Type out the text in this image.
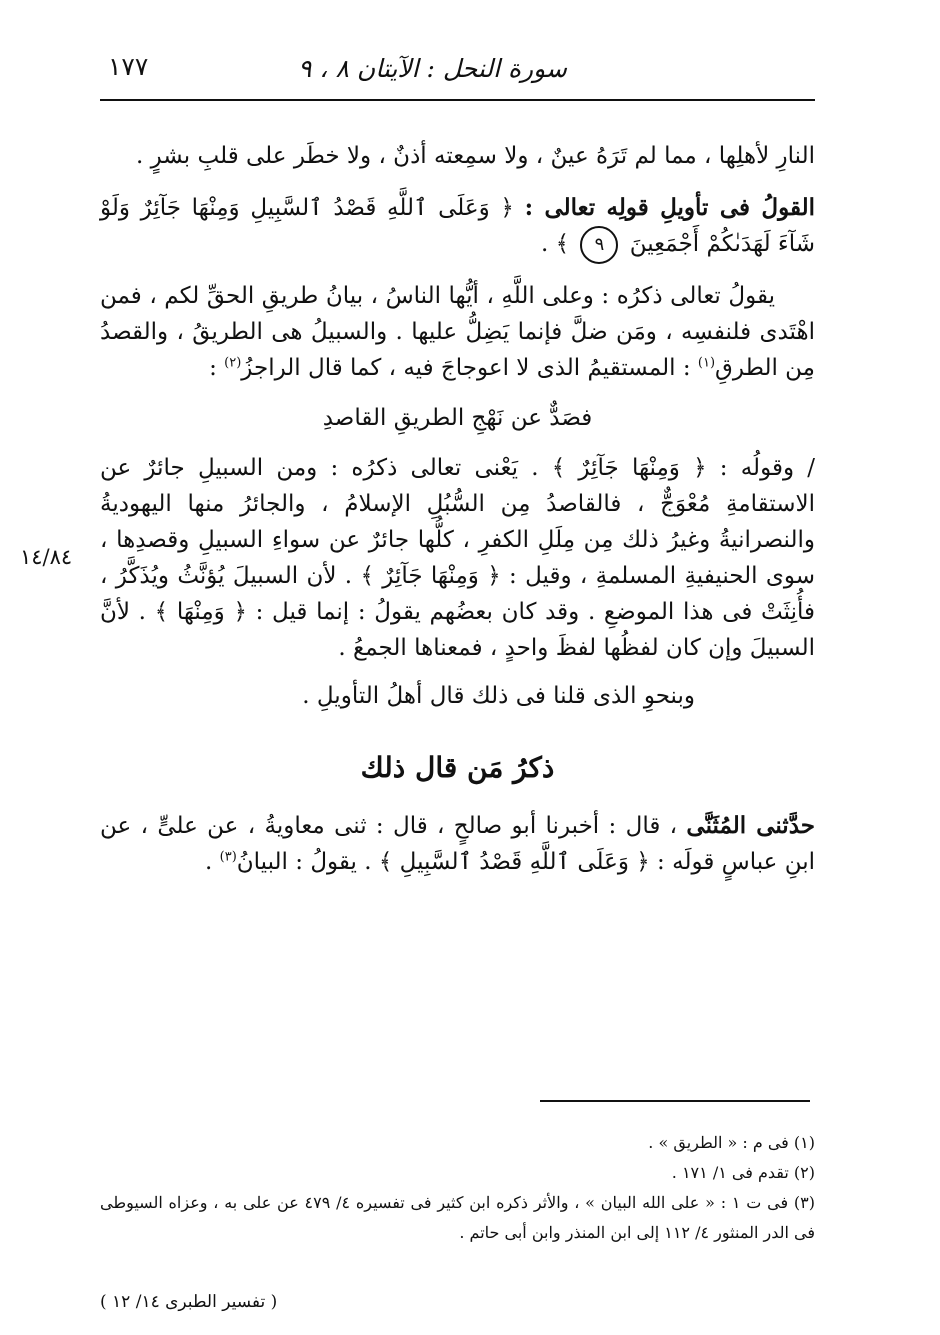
سورة النحل : الآيتان ٨ ، ٩
١٧٧

النارِ لأهلِها ، مما لم تَرَهُ عينٌ ، ولا سمِعته أذنٌ ، ولا خطَر على قلبِ بشرٍ .

القولُ فى تأويلِ قولِه تعالى : ﴿ وَعَلَى ٱللَّهِ قَصْدُ ٱلسَّبِيلِ وَمِنْهَا جَآئِرٌ وَلَوْ شَآءَ لَهَدَىٰكُمْ أَجْمَعِينَ ٩ ﴾ .

يقولُ تعالى ذكرُه : وعلى اللَّهِ ، أيُّها الناسُ ، بيانُ طريقِ الحقِّ لكم ، فمن اهْتَدى فلنفسِه ، ومَن ضلَّ فإنما يَضِلُّ عليها . والسبيلُ هى الطريقُ ، والقصدُ مِن الطرقِ$^{(١)}$ : المستقيمُ الذى لا اعوجاجَ فيه ، كما قال الراجزُ$^{(٢)}$ :

فصَدٌّ عن نَهْجِ الطريقِ القاصدِ

/ وقولُه : ﴿ وَمِنْهَا جَآئِرٌ ﴾ . يَعْنى تعالى ذكرُه : ومن السبيلِ جائرٌ عن الاستقامةِ مُعْوَجٌّ ، فالقاصدُ مِن السُّبُلِ الإسلامُ ، والجائرُ منها اليهوديةُ والنصرانيةُ وغيرُ ذلك مِن مِلَلِ الكفرِ ، كلُّها جائرٌ عن سواءِ السبيلِ وقصدِها ، سوى الحنيفيةِ المسلمةِ ، وقيل : ﴿ وَمِنْهَا جَآئِرٌ ﴾ . لأن السبيلَ يُؤنَّثُ ويُذَكَّرُ ، فأُنِثَتْ فى هذا الموضعِ . وقد كان بعضُهم يقولُ : إنما قيل : ﴿ وَمِنْهَا ﴾ . لأنَّ السبيلَ وإن كان لفظُها لفظَ واحدٍ ، فمعناها الجمعُ .

وبنحوِ الذى قلنا فى ذلك قال أهلُ التأويلِ .

ذكرُ مَن قال ذلك

حدَّثنى المُثَنَّى ، قال : أخبرنا أبو صالحٍ ، قال : ثنى معاويةُ ، عن علىٍّ ، عن ابنِ عباسٍ قولَه : ﴿ وَعَلَى ٱللَّهِ قَصْدُ ٱلسَّبِيلِ ﴾ . يقولُ : البيانُ$^{(٣)}$ .

١٤/٨٤

(١) فى م : « الطريق » .

(٢) تقدم فى ١/ ١٧١ .

(٣) فى ت ١ : « على الله البيان » ، والأثر ذكره ابن كثير فى تفسيره ٤/ ٤٧٩ عن على به ، وعزاه السيوطى فى الدر المنثور ٤/ ١١٢ إلى ابن المنذر وابن أبى حاتم .

( تفسير الطبرى ١٤/ ١٢ )
